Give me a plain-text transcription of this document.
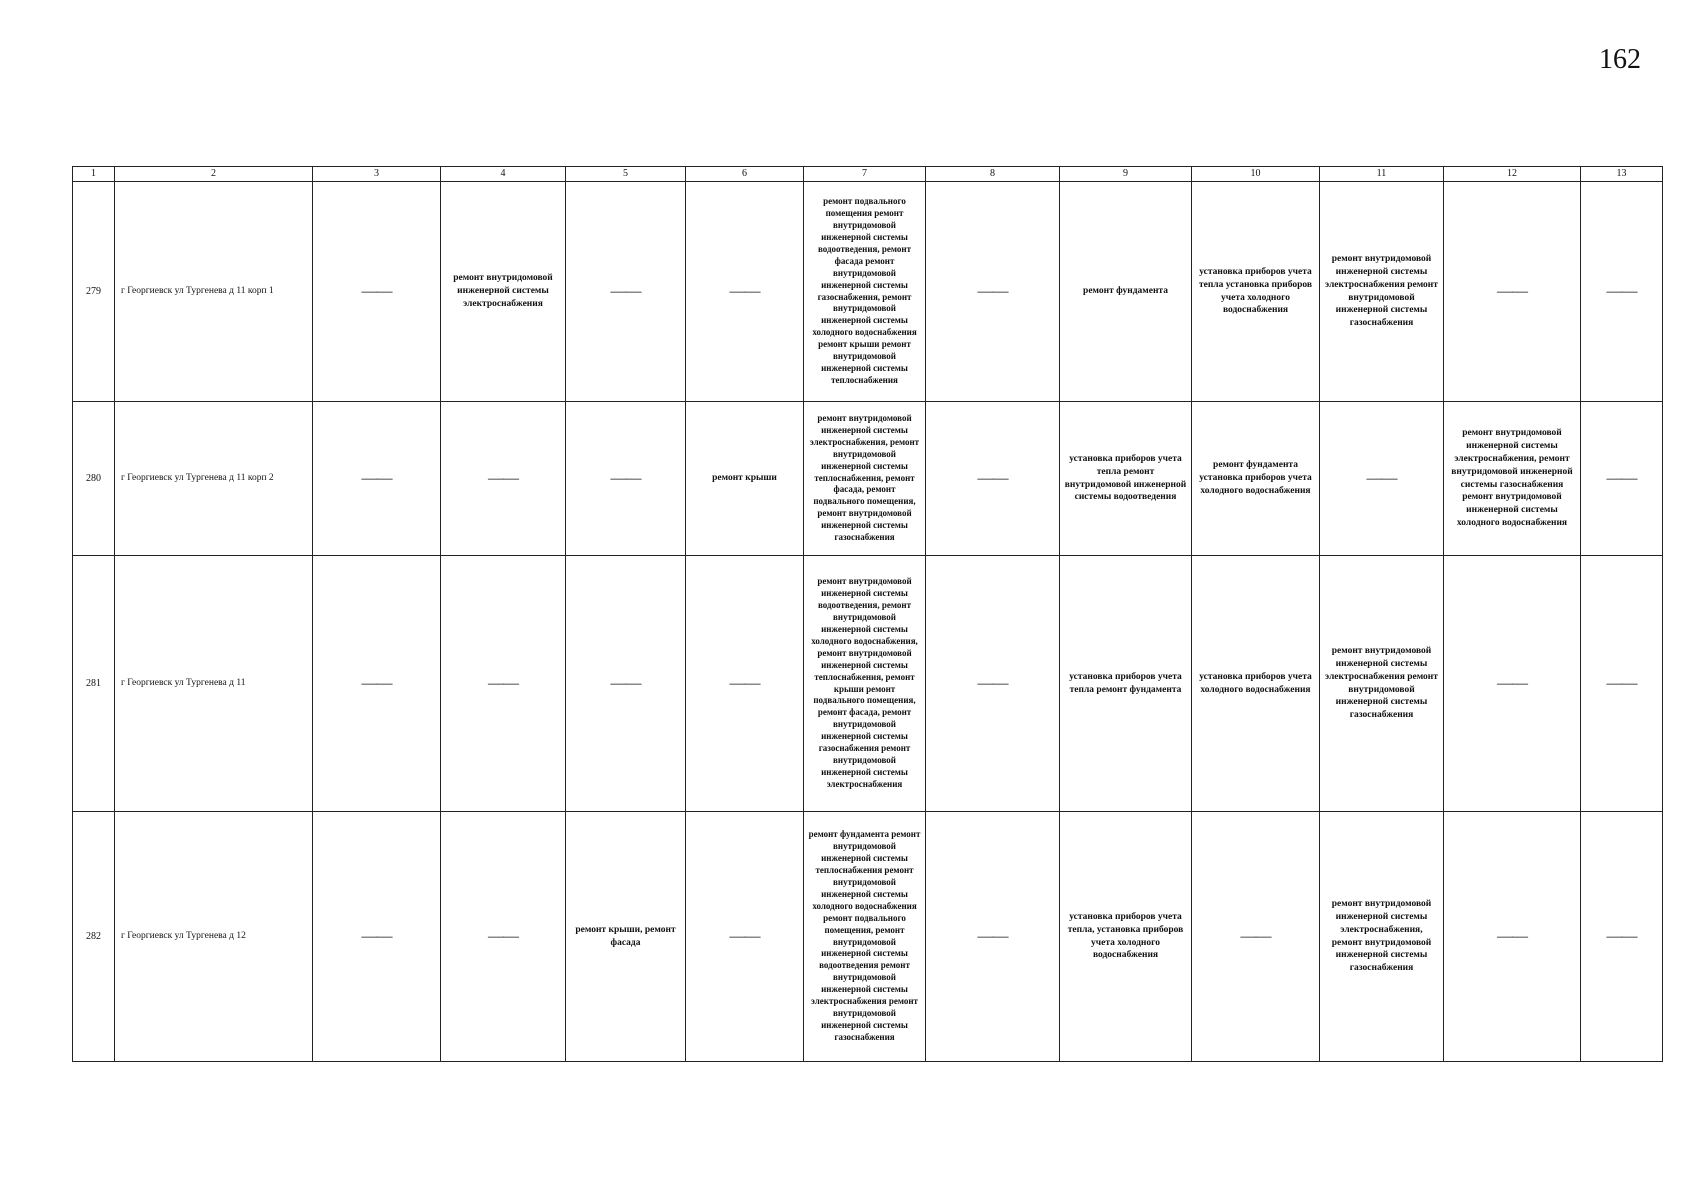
162
1	2	3	4	5	6	7	8	9	10	11	12	13
279	г Георгиевск ул Тургенева д 11 корп 1	——	ремонт внутридомовой инженерной системы электроснабжения	——	——	ремонт подвального помещения ремонт внутридомовой инженерной системы водоотведения, ремонт фасада ремонт внутридомовой инженерной системы газоснабжения, ремонт внутридомовой инженерной системы холодного водоснабжения ремонт крыши ремонт внутридомовой инженерной системы теплоснабжения	——	ремонт фундамента	установка приборов учета тепла установка приборов учета холодного водоснабжения	ремонт внутридомовой инженерной системы электроснабжения ремонт внутридомовой инженерной системы газоснабжения	——	——
280	г Георгиевск ул Тургенева д 11 корп 2	——	——	——	ремонт крыши	ремонт внутридомовой инженерной системы электроснабжения, ремонт внутридомовой инженерной системы теплоснабжения, ремонт фасада, ремонт подвального помещения, ремонт внутридомовой инженерной системы газоснабжения	——	установка приборов учета тепла ремонт внутридомовой инженерной системы водоотведения	ремонт фундамента установка приборов учета холодного водоснабжения	——	ремонт внутридомовой инженерной системы электроснабжения, ремонт внутридомовой инженерной системы газоснабжения ремонт внутридомовой инженерной системы холодного водоснабжения	——
281	г Георгиевск ул Тургенева д 11	——	——	——	——	ремонт внутридомовой инженерной системы водоотведения, ремонт внутридомовой инженерной системы холодного водоснабжения, ремонт внутридомовой инженерной системы теплоснабжения, ремонт крыши ремонт подвального помещения, ремонт фасада, ремонт внутридомовой инженерной системы газоснабжения ремонт внутридомовой инженерной системы электроснабжения	——	установка приборов учета тепла ремонт фундамента	установка приборов учета холодного водоснабжения	ремонт внутридомовой инженерной системы электроснабжения ремонт внутридомовой инженерной системы газоснабжения	——	——
282	г Георгиевск ул Тургенева д 12	——	——	ремонт крыши, ремонт фасада	——	ремонт фундамента ремонт внутридомовой инженерной системы теплоснабжения ремонт внутридомовой инженерной системы холодного водоснабжения ремонт подвального помещения, ремонт внутридомовой инженерной системы водоотведения ремонт внутридомовой инженерной системы электроснабжения ремонт внутридомовой инженерной системы газоснабжения	——	установка приборов учета тепла, установка приборов учета холодного водоснабжения	——	ремонт внутридомовой инженерной системы электроснабжения, ремонт внутридомовой инженерной системы газоснабжения	——	——
